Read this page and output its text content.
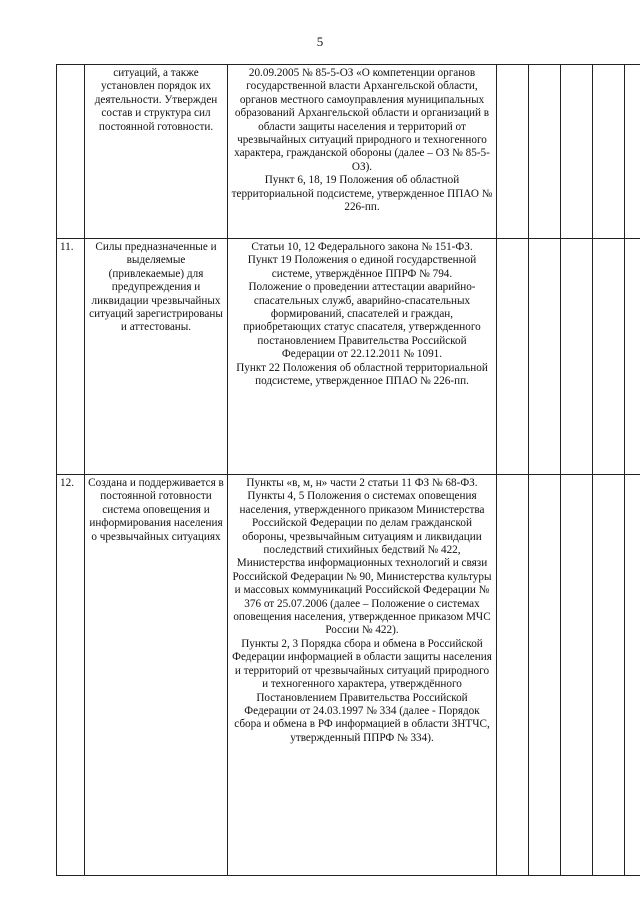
5
	ситуаций, а также установлен порядок их деятельности. Утвержден состав и структура сил постоянной готовности.	20.09.2005 № 85-5-ОЗ «О компетенции органов государственной власти Архангельской области, органов местного самоуправления муниципальных образований Архангельской области и организаций в области защиты населения и территорий от чрезвычайных ситуаций природного и техногенного характера, гражданской обороны (далее – ОЗ № 85-5-ОЗ).

Пункт 6, 18, 19 Положения об областной территориальной подсистеме, утвержденное ППАО № 226-пп.					

11.	Силы предназначенные и выделяемые (привлекаемые) для предупреждения и ликвидации чрезвычайных ситуаций зарегистрированы и аттестованы.	Статьи 10, 12 Федерального закона № 151-ФЗ.

Пункт 19 Положения о единой государственной системе, утверждённое ППРФ № 794.

Положение о проведении аттестации аварийно-спасательных служб, аварийно-спасательных формирований, спасателей и граждан, приобретающих статус спасателя, утвержденного постановлением Правительства Российской Федерации от 22.12.2011 № 1091.

Пункт 22 Положения об областной территориальной подсистеме, утвержденное ППАО № 226-пп.					

12.	Создана и поддерживается в постоянной готовности система оповещения и информирования населения о чрезвычайных ситуациях	Пункты «в, м, н» части 2 статьи 11 ФЗ № 68-ФЗ.

Пункты 4, 5 Положения о системах оповещения населения, утвержденного приказом Министерства Российской Федерации по делам гражданской обороны, чрезвычайным ситуациям и ликвидации последствий стихийных бедствий № 422, Министерства информационных технологий и связи Российской Федерации № 90, Министерства культуры и массовых коммуникаций Российской Федерации № 376 от 25.07.2006 (далее – Положение о системах оповещения населения, утвержденное приказом МЧС России № 422).

Пункты 2, 3 Порядка сбора и обмена в Российской Федерации информацией в области защиты населения и территорий от чрезвычайных ситуаций природного и техногенного характера, утверждённого Постановлением Правительства Российской Федерации от 24.03.1997 № 334 (далее - Порядок сбора и обмена в РФ информацией в области ЗНТЧС, утвержденный ППРФ № 334).					
